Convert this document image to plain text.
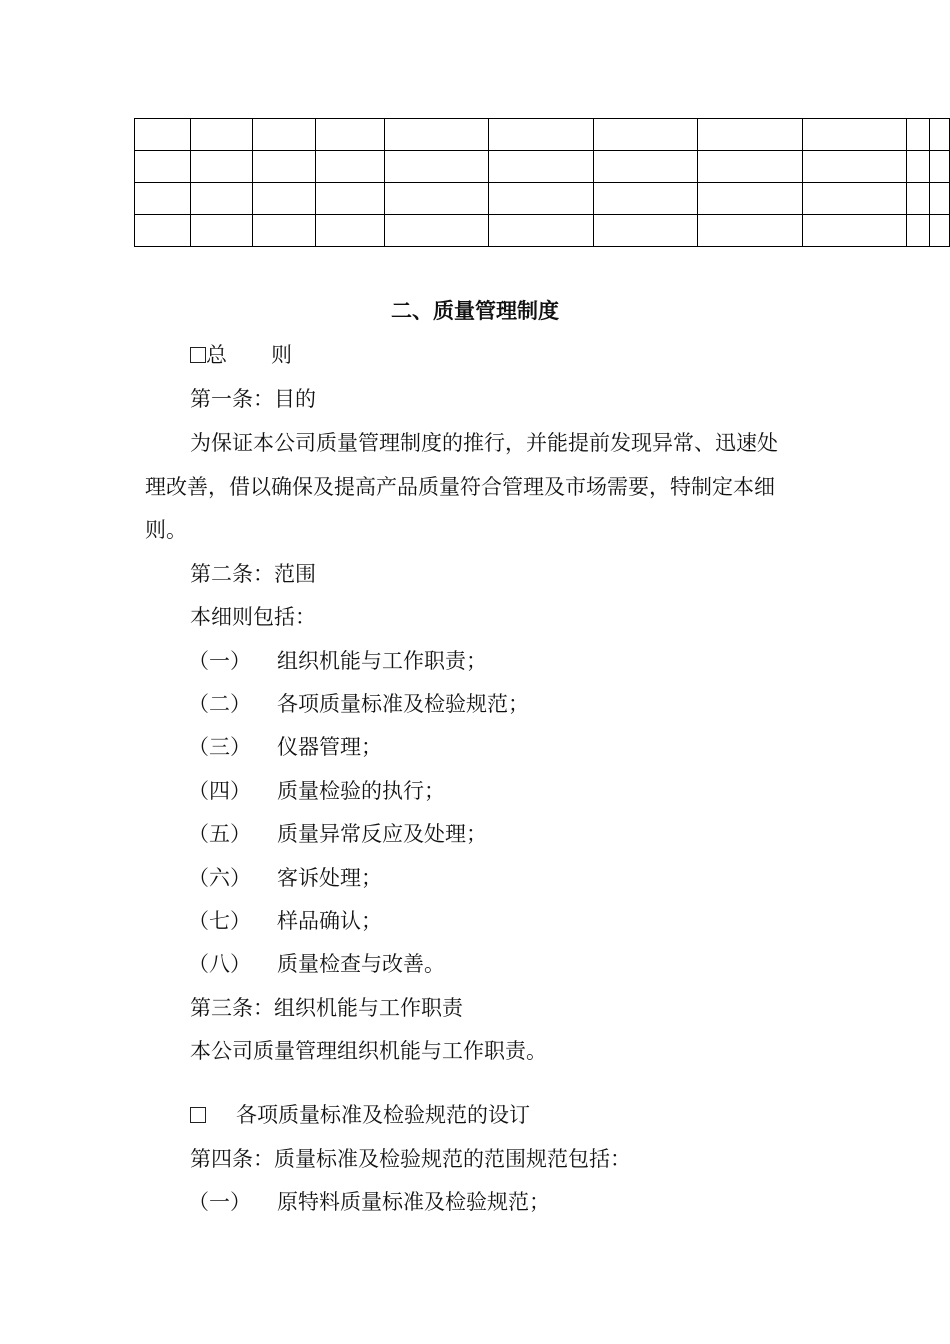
二、质量管理制度
总 则
第一条：目的
为保证本公司质量管理制度的推行，并能提前发现异常、迅速处
理改善，借以确保及提高产品质量符合管理及市场需要，特制定本细
则。
第二条：范围
本细则包括：
（一） 组织机能与工作职责；
（二） 各项质量标准及检验规范；
（三） 仪器管理；
（四） 质量检验的执行；
（五） 质量异常反应及处理；
（六） 客诉处理；
（七） 样品确认；
（八） 质量检查与改善。
第三条：组织机能与工作职责
本公司质量管理组织机能与工作职责。
各项质量标准及检验规范的设订
第四条：质量标准及检验规范的范围规范包括：
（一） 原特料质量标准及检验规范；
